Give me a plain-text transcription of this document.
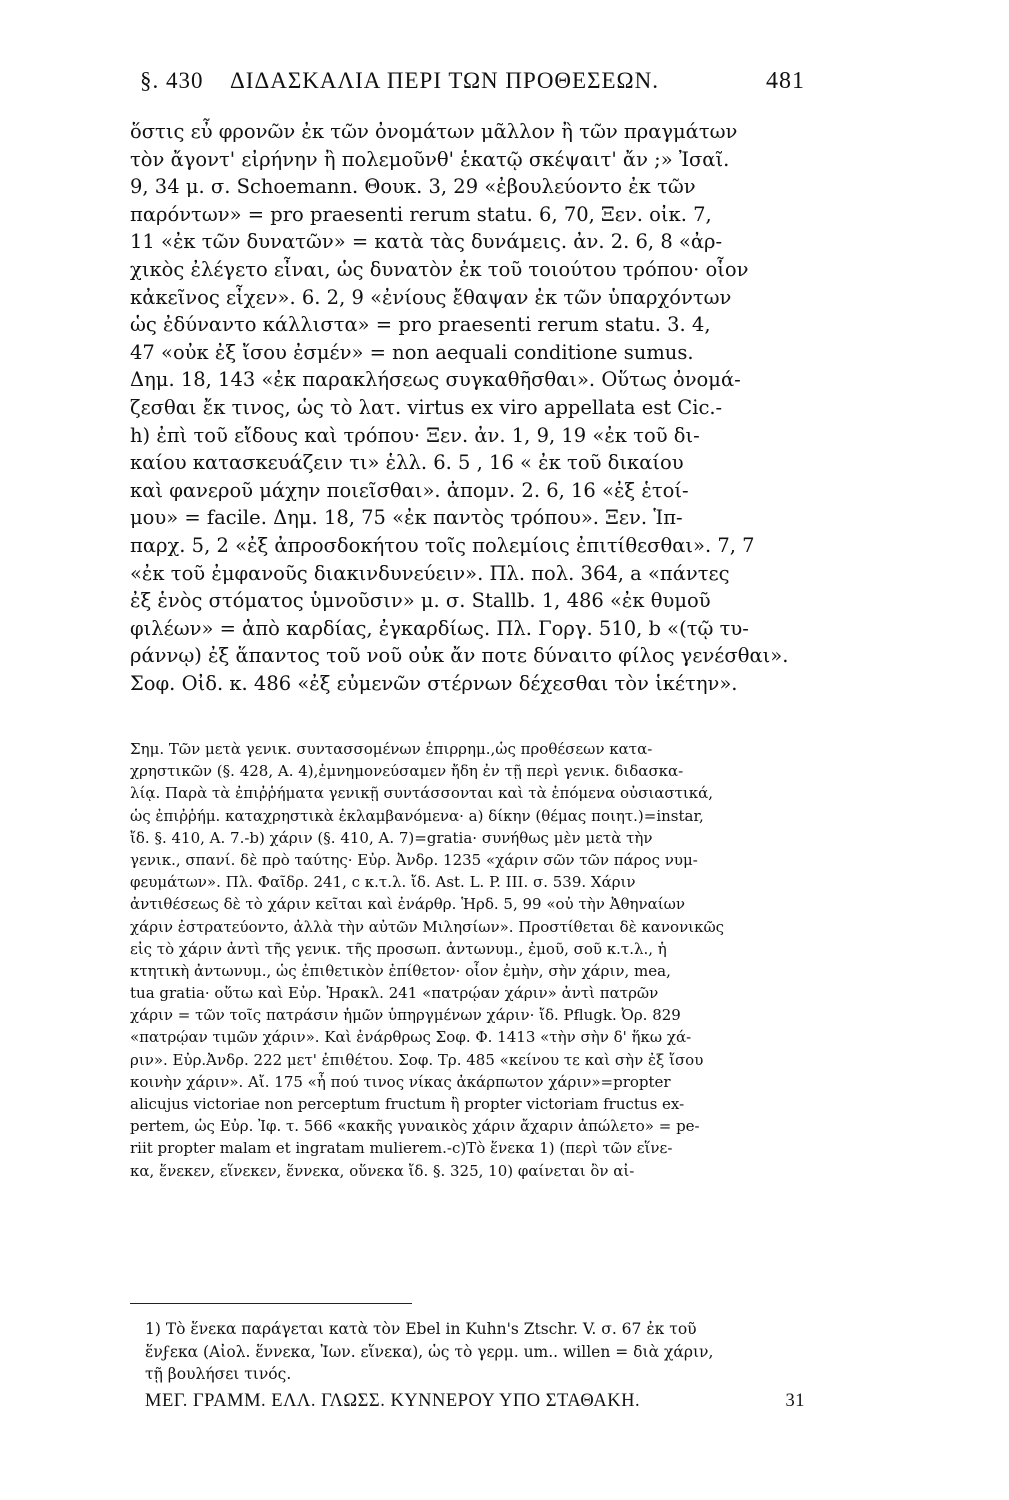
§. 430 ΔΙΔΑΣΚΑΛΙΑ ΠΕΡΙ ΤΩΝ ΠΡΟΘΕΣΕΩΝ.	481
ὅστις εὖ φρονῶν ἐκ τῶν ὀνομάτων μᾶλλον ἢ τῶν πραγμάτων
τὸν ἄγοντ' εἰρήνην ἢ πολεμοῦνθ' ἑκατῷ σκέψαιτ' ἄν ;» Ἰσαῖ.
9, 34 μ. σ. Schoemann. Θουκ. 3, 29 «ἐβουλεύοντο ἐκ τῶν
παρόντων» = pro praesenti rerum statu. 6, 70, Ξεν. οἰκ. 7,
11 «ἐκ τῶν δυνατῶν» = κατὰ τὰς δυνάμεις. ἀν. 2. 6, 8 «ἀρ-
χικὸς ἐλέγετο εἶναι, ὡς δυνατὸν ἐκ τοῦ τοιούτου τρόπου· οἷον
κἀκεῖνος εἶχεν». 6. 2, 9 «ἐνίους ἔθαψαν ἐκ τῶν ὑπαρχόντων
ὡς ἐδύναντο κάλλιστα» = pro praesenti rerum statu. 3. 4,
47 «οὐκ ἐξ ἴσου ἐσμέν» = non aequali conditione sumus.
Δημ. 18, 143 «ἐκ παρακλήσεως συγκαθῆσθαι». Οὕτως ὀνομά-
ζεσθαι ἔκ τινος, ὡς τὸ λατ. virtus ex viro appellata est Cic.-
h) ἐπὶ τοῦ εἴδους καὶ τρόπου· Ξεν. ἀν. 1, 9, 19 «ἐκ τοῦ δι-
καίου κατασκευάζειν τι» ἑλλ. 6. 5 , 16 « ἐκ τοῦ δικαίου
καὶ φανεροῦ μάχην ποιεῖσθαι». ἀπομν. 2. 6, 16 «ἐξ ἑτοί-
μου» = facile. Δημ. 18, 75 «ἐκ παντὸς τρόπου». Ξεν. Ἱπ-
παρχ. 5, 2 «ἐξ ἀπροσδοκήτου τοῖς πολεμίοις ἐπιτίθεσθαι». 7, 7
«ἐκ τοῦ ἐμφανοῦς διακινδυνεύειν». Πλ. πολ. 364, a «πάντες
ἐξ ἑνὸς στόματος ὑμνοῦσιν» μ. σ. Stallb. 1, 486 «ἐκ θυμοῦ
φιλέων» = ἀπὸ καρδίας, ἐγκαρδίως. Πλ. Γοργ. 510, b «(τῷ τυ-
ράννῳ) ἐξ ἅπαντος τοῦ νοῦ οὐκ ἄν ποτε δύναιτο φίλος γενέσθαι».
Σοφ. Οἰδ. κ. 486 «ἐξ εὐμενῶν στέρνων δέχεσθαι τὸν ἱκέτην».
Σημ. Τῶν μετὰ γενικ. συντασσομένων ἐπιρρημ.,ὡς προθέσεων κατα-
χρηστικῶν (§. 428, A. 4),ἐμνημονεύσαμεν ἤδη ἐν τῇ περὶ γενικ. διδασκα-
λίᾳ. Παρὰ τὰ ἐπιῤῥήματα γενικῇ συντάσσονται καὶ τὰ ἑπόμενα οὐσιαστικά,
ὡς ἐπιῤῥήμ. καταχρηστικὰ ἐκλαμβανόμενα· a) δίκην (θέμας ποιητ.)=instar,
ἴδ. §. 410, A. 7.-b) χάριν (§. 410, A. 7)=gratia· συνήθως μὲν μετὰ τὴν
γενικ., σπανί. δὲ πρὸ ταύτης· Εὐρ. Ἀνδρ. 1235 «χάριν σῶν τῶν πάρος νυμ-
φευμάτων». Πλ. Φαῖδρ. 241, c κ.τ.λ. ἴδ. Ast. L. P. III. σ. 539. Χάριν
ἀντιθέσεως δὲ τὸ χάριν κεῖται καὶ ἐνάρθρ. Ἡρδ. 5, 99 «οὐ τὴν Ἀθηναίων
χάριν ἐστρατεύοντο, ἀλλὰ τὴν αὐτῶν Μιλησίων». Προστίθεται δὲ κανονικῶς
εἰς τὸ χάριν ἀντὶ τῆς γενικ. τῆς προσωπ. ἀντωνυμ., ἐμοῦ, σοῦ κ.τ.λ., ἡ
κτητικὴ ἀντωνυμ., ὡς ἐπιθετικὸν ἐπίθετον· οἷον ἐμὴν, σὴν χάριν, mea,
tua gratia· οὕτω καὶ Εὐρ. Ἡρακλ. 241 «πατρῴαν χάριν» ἀντὶ πατρῶν
χάριν = τῶν τοῖς πατράσιν ἡμῶν ὑπηργμένων χάριν· ἴδ. Pflugk. Ὀρ. 829
«πατρῴαν τιμῶν χάριν». Καὶ ἐνάρθρως Σοφ. Φ. 1413 «τὴν σὴν δ' ἥκω χά-
ριν». Εὐρ.Ἀνδρ. 222 μετ' ἐπιθέτου. Σοφ. Τρ. 485 «κείνου τε καὶ σὴν ἐξ ἴσου
κοινὴν χάριν». Αἴ. 175 «ἦ πού τινος νίκας ἀκάρπωτον χάριν»=propter
alicujus victoriae non perceptum fructum ἢ propter victoriam fructus ex-
pertem, ὡς Εὐρ. Ἰφ. τ. 566 «κακῆς γυναικὸς χάριν ἄχαριν ἀπώλετο» = pe-
riit propter malam et ingratam mulierem.-c)Τὸ ἕνεκα 1) (περὶ τῶν εἵνε-
κα, ἕνεκεν, εἵνεκεν, ἕννεκα, οὕνεκα ἴδ. §. 325, 10) φαίνεται ὂν αἰ-
1) Τὸ ἕνεκα παράγεται κατὰ τὸν Ebel in Kuhn's Ztschr. V. σ. 67 ἐκ τοῦ
ἕνϝεκα (Αἰολ. ἕννεκα, Ἰων. εἵνεκα), ὡς τὸ γερμ. um.. willen = διὰ χάριν,
τῇ βουλήσει τινός.
ΜΕΓ. ΓΡΑΜΜ. ΕΛΛ. ΓΛΩΣΣ. ΚΥΝΝΕΡΟΥ ΥΠΟ ΣΤΑΘΑΚΗ.	31
